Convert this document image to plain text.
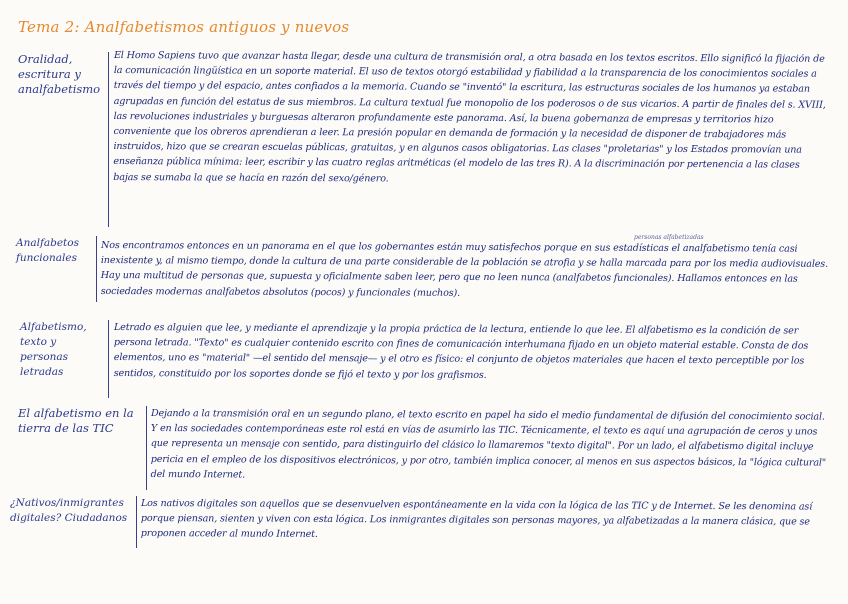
Tema 2: Analfabetismos antiguos y nuevos
Oralidad, escritura y analfabetismo
El Homo Sapiens tuvo que avanzar hasta llegar, desde una cultura de transmisión oral, a otra basada en los textos escritos. Ello significó la fijación de la comunicación lingüística en un soporte material. El uso de textos otorgó estabilidad y fiabilidad a la transparencia de los conocimientos sociales a través del tiempo y del espacio, antes confiados a la memoria. Cuando se "inventó" la escritura, las estructuras sociales de los humanos ya estaban agrupadas en función del estatus de sus miembros. La cultura textual fue monopolio de los poderosos o de sus vicarios. A partir de finales del s. XVIII, las revoluciones industriales y burguesas alteraron profundamente este panorama. Así, la buena gobernanza de empresas y territorios hizo conveniente que los obreros aprendieran a leer. La presión popular en demanda de formación y la necesidad de disponer de trabajadores más instruidos, hizo que se crearan escuelas públicas, gratuitas, y en algunos casos obligatorias. Las clases "proletarias" y los Estados promovían una enseñanza pública mínima: leer, escribir y las cuatro reglas aritméticas (el modelo de las tres R). A la discriminación por pertenencia a las clases bajas se sumaba la que se hacía en razón del sexo/género.
Analfabetos funcionales
personas alfabetizadas
Nos encontramos entonces en un panorama en el que los gobernantes están muy satisfechos porque en sus estadísticas el analfabetismo tenía casi inexistente y, al mismo tiempo, donde la cultura de una parte considerable de la población se atrofia y se halla marcada para por los media audiovisuales. Hay una multitud de personas que, supuesta y oficialmente saben leer, pero que no leen nunca (analfabetos funcionales). Hallamos entonces en las sociedades modernas analfabetos absolutos (pocos) y funcionales (muchos).
Alfabetismo, texto y personas letradas
Letrado es alguien que lee, y mediante el aprendizaje y la propia práctica de la lectura, entiende lo que lee. El alfabetismo es la condición de ser persona letrada. "Texto" es cualquier contenido escrito con fines de comunicación interhumana fijado en un objeto material estable. Consta de dos elementos, uno es "material" —el sentido del mensaje— y el otro es físico: el conjunto de objetos materiales que hacen el texto perceptible por los sentidos, constituido por los soportes donde se fijó el texto y por los grafismos.
El alfabetismo en la tierra de las TIC
Dejando a la transmisión oral en un segundo plano, el texto escrito en papel ha sido el medio fundamental de difusión del conocimiento social. Y en las sociedades contemporáneas este rol está en vías de asumirlo las TIC. Técnicamente, el texto es aquí una agrupación de ceros y unos que representa un mensaje con sentido, para distinguirlo del clásico lo llamaremos "texto digital". Por un lado, el alfabetismo digital incluye pericia en el empleo de los dispositivos electrónicos, y por otro, también implica conocer, al menos en sus aspectos básicos, la "lógica cultural" del mundo Internet.
¿Nativos/inmigrantes digitales? Ciudadanos
Los nativos digitales son aquellos que se desenvuelven espontáneamente en la vida con la lógica de las TIC y de Internet. Se les denomina así porque piensan, sienten y viven con esta lógica. Los inmigrantes digitales son personas mayores, ya alfabetizadas a la manera clásica, que se proponen acceder al mundo Internet.
